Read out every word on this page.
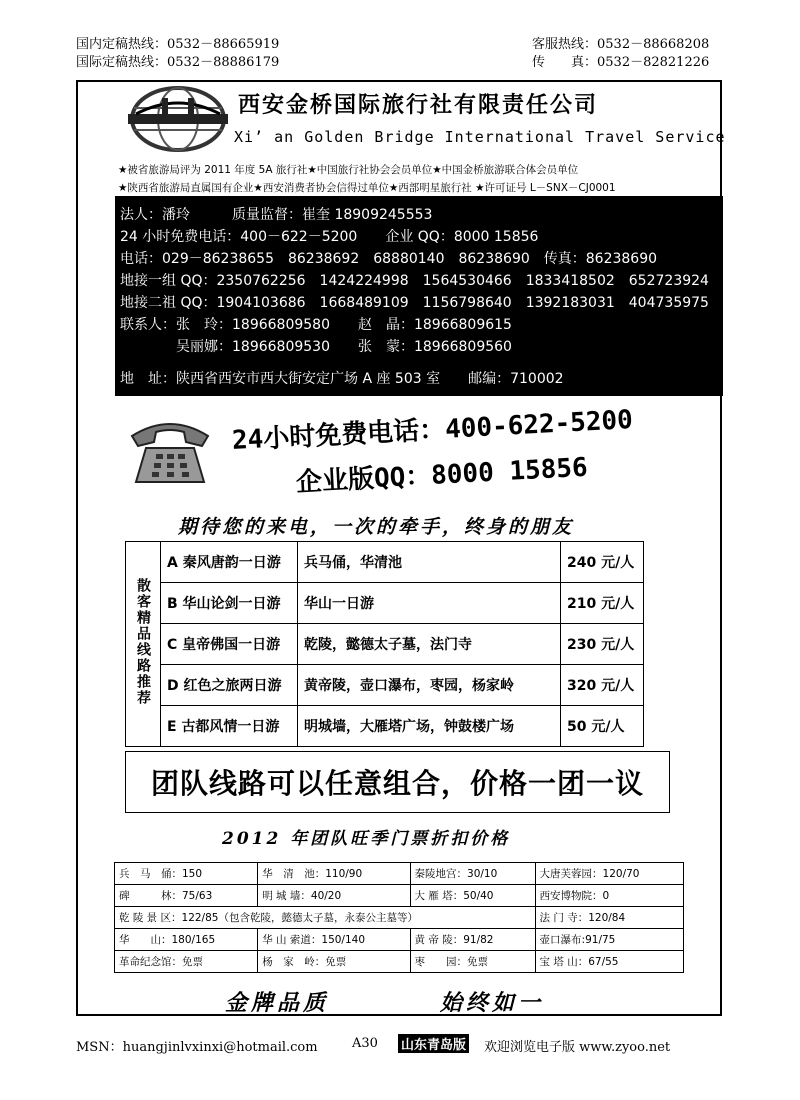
国内定稿热线：0532－88665919
国际定稿热线：0532－88886179
客服热线：0532－88668208
传　　真：0532－82821226
西安金桥国际旅行社有限责任公司
Xi’ an Golden Bridge International Travel Service
★被省旅游局评为 2011 年度 5A 旅行社★中国旅行社协会会员单位★中国金桥旅游联合体会员单位
★陕西省旅游局直属国有企业★西安消费者协会信得过单位★西部明星旅行社 ★许可证号 L－SNX－CJ0001
法人：潘玲　　　质量监督：崔奎 18909245553
24 小时免费电话：400－622－5200　　企业 QQ：8000 15856
电话：029－86238655　86238692　68880140　86238690　传真：86238690
地接一组 QQ：2350762256　1424224998　1564530466　1833418502　652723924
地接二祖 QQ：1904103686　1668489109　1156798640　1392183031　404735975
联系人：张　玲：18966809580　　赵　晶：18966809615
　　　　吴丽娜：18966809530　　张　蒙：18966809560
地　址：陕西省西安市西大街安定广场 A 座 503 室　　邮编：710002
24小时免费电话：400-622-5200
企业版QQ：8000 15856
期待您的来电，一次的牵手，终身的朋友
散客精品线路推荐	A 秦风唐韵一日游	兵马俑，华清池	240 元/人
	B 华山论剑一日游	华山一日游	210 元/人
	C 皇帝佛国一日游	乾陵，懿德太子墓，法门寺	230 元/人
	D 红色之旅两日游	黄帝陵，壶口瀑布，枣园，杨家岭	320 元/人
	E 古都风情一日游	明城墙，大雁塔广场，钟鼓楼广场	50 元/人
团队线路可以任意组合，价格一团一议
2012 年团队旺季门票折扣价格
兵　马　俑：150	华　清　池：110/90	秦陵地宫：30/10	大唐芙蓉园：120/70
碑　　　林：75/63	明 城 墙：40/20	大 雁 塔：50/40	西安博物院：0
乾 陵 景 区：122/85（包含乾陵，懿德太子墓，永泰公主墓等）			法 门 寺：120/84
华　　山：180/165	华 山 索道：150/140	黄 帝 陵：91/82	壶口瀑布:91/75
革命纪念馆：免票	杨　家　岭：免票	枣　　园：免票	宝 塔 山：67/55
金牌品质	始终如一
MSN：huangjinlvxinxi@hotmail.com	A30 山东青岛版 欢迎浏览电子版 www.zyoo.net
